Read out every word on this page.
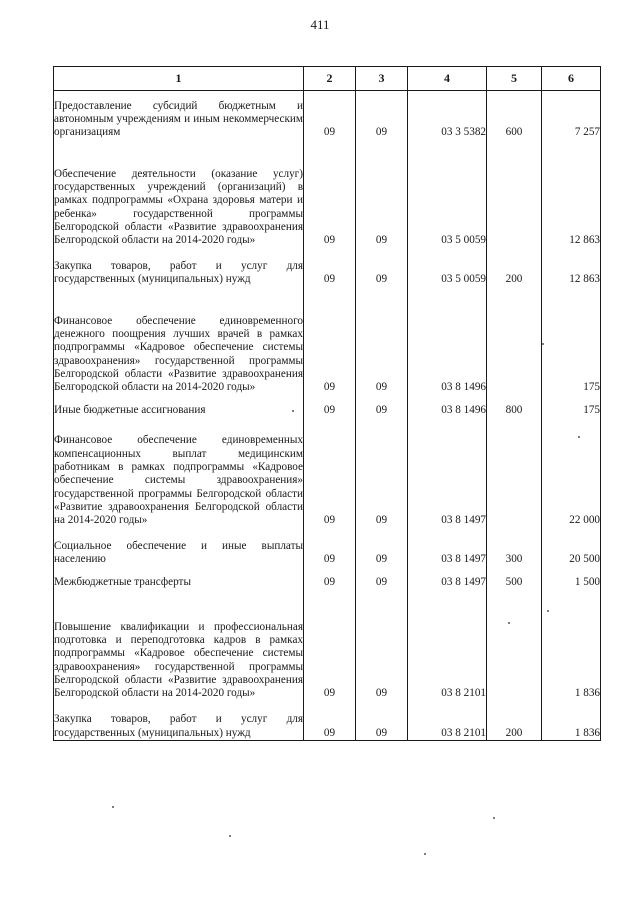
411
1	2	3	4	5	6
Предоставление субсидий бюджетным и автономным учреждениям и иным некоммерческим организациям	09	09	03 3 5382	600	7 257
Обеспечение деятельности (оказание услуг) государственных учреждений (организаций) в рамках подпрограммы «Охрана здоровья матери и ребенка» государственной программы Белгородской области «Развитие здравоохранения Белгородской области на 2014-2020 годы»	09	09	03 5 0059		12 863
Закупка товаров, работ и услуг для государственных (муниципальных) нужд	09	09	03 5 0059	200	12 863
Финансовое обеспечение единовременного денежного поощрения лучших врачей в рамках подпрограммы «Кадровое обеспечение системы здравоохранения» государственной программы Белгородской области «Развитие здравоохранения Белгородской области на 2014-2020 годы»	09	09	03 8 1496		175
Иные бюджетные ассигнования	09	09	03 8 1496	800	175
Финансовое обеспечение единовременных компенсационных выплат медицинским работникам в рамках подпрограммы «Кадровое обеспечение системы здравоохранения» государственной программы Белгородской области «Развитие здравоохранения Белгородской области на 2014-2020 годы»	09	09	03 8 1497		22 000
Социальное обеспечение и иные выплаты населению	09	09	03 8 1497	300	20 500
Межбюджетные трансферты	09	09	03 8 1497	500	1 500
Повышение квалификации и профессиональная подготовка и переподготовка кадров в рамках подпрограммы «Кадровое обеспечение системы здравоохранения» государственной программы Белгородской области «Развитие здравоохранения Белгородской области на 2014-2020 годы»	09	09	03 8 2101		1 836
Закупка товаров, работ и услуг для государственных (муниципальных) нужд	09	09	03 8 2101	200	1 836
